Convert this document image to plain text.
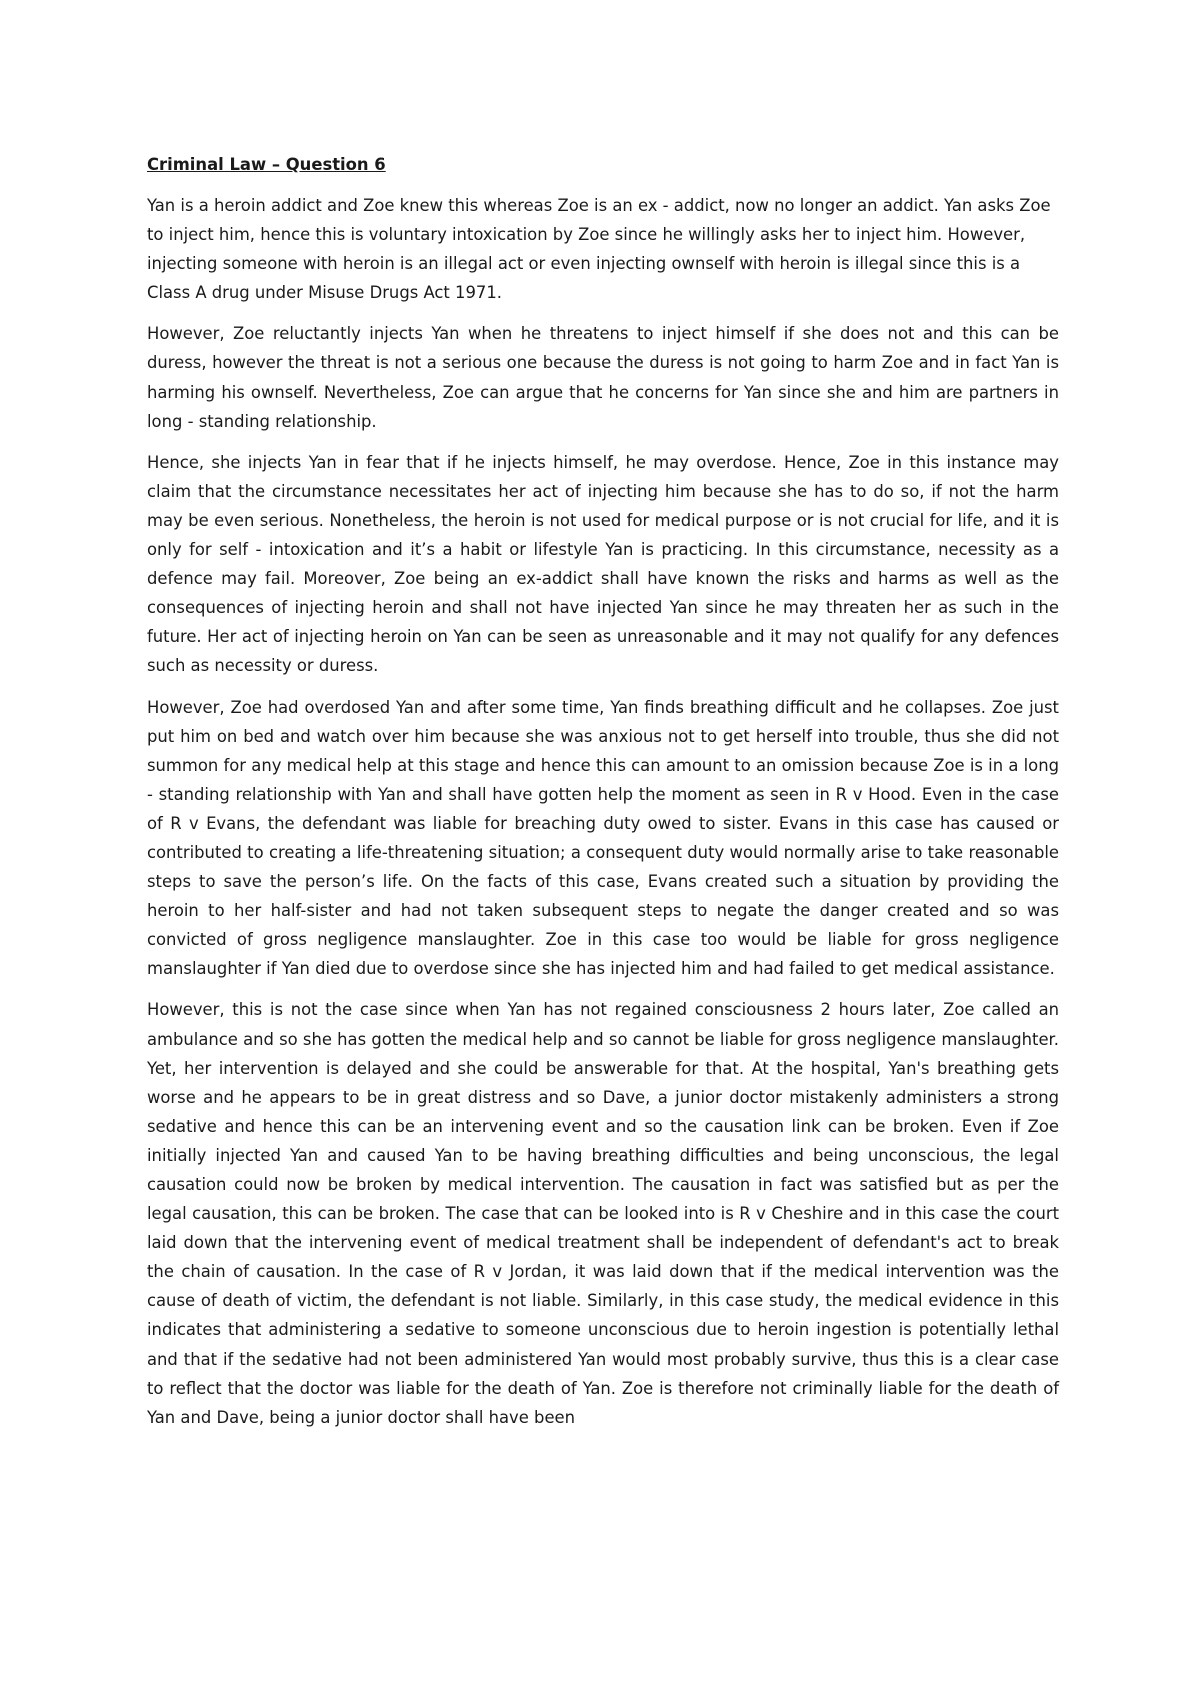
Criminal Law – Question 6

Yan is a heroin addict and Zoe knew this whereas Zoe is an ex - addict, now no longer an addict. Yan asks Zoe to inject him, hence this is voluntary intoxication by Zoe since he willingly asks her to inject him. However, injecting someone with heroin is an illegal act or even injecting ownself with heroin is illegal since this is a Class A drug under Misuse Drugs Act 1971.

However, Zoe reluctantly injects Yan when he threatens to inject himself if she does not and this can be duress, however the threat is not a serious one because the duress is not going to harm Zoe and in fact Yan is harming his ownself. Nevertheless, Zoe can argue that he concerns for Yan since she and him are partners in long - standing relationship.

Hence, she injects Yan in fear that if he injects himself, he may overdose. Hence, Zoe in this instance may claim that the circumstance necessitates her act of injecting him because she has to do so, if not the harm may be even serious. Nonetheless, the heroin is not used for medical purpose or is not crucial for life, and it is only for self - intoxication and it’s a habit or lifestyle Yan is practicing. In this circumstance, necessity as a defence may fail. Moreover, Zoe being an ex-addict shall have known the risks and harms as well as the consequences of injecting heroin and shall not have injected Yan since he may threaten her as such in the future. Her act of injecting heroin on Yan can be seen as unreasonable and it may not qualify for any defences such as necessity or duress.

However, Zoe had overdosed Yan and after some time, Yan finds breathing difficult and he collapses. Zoe just put him on bed and watch over him because she was anxious not to get herself into trouble, thus she did not summon for any medical help at this stage and hence this can amount to an omission because Zoe is in a long - standing relationship with Yan and shall have gotten help the moment as seen in R v Hood. Even in the case of R v Evans, the defendant was liable for breaching duty owed to sister. Evans in this case has caused or contributed to creating a life-threatening situation; a consequent duty would normally arise to take reasonable steps to save the person’s life. On the facts of this case, Evans created such a situation by providing the heroin to her half-sister and had not taken subsequent steps to negate the danger created and so was convicted of gross negligence manslaughter. Zoe in this case too would be liable for gross negligence manslaughter if Yan died due to overdose since she has injected him and had failed to get medical assistance.

However, this is not the case since when Yan has not regained consciousness 2 hours later, Zoe called an ambulance and so she has gotten the medical help and so cannot be liable for gross negligence manslaughter. Yet, her intervention is delayed and she could be answerable for that. At the hospital, Yan's breathing gets worse and he appears to be in great distress and so Dave, a junior doctor mistakenly administers a strong sedative and hence this can be an intervening event and so the causation link can be broken. Even if Zoe initially injected Yan and caused Yan to be having breathing difficulties and being unconscious, the legal causation could now be broken by medical intervention. The causation in fact was satisfied but as per the legal causation, this can be broken. The case that can be looked into is R v Cheshire and in this case the court laid down that the intervening event of medical treatment shall be independent of defendant's act to break the chain of causation. In the case of R v Jordan, it was laid down that if the medical intervention was the cause of death of victim, the defendant is not liable. Similarly, in this case study, the medical evidence in this indicates that administering a sedative to someone unconscious due to heroin ingestion is potentially lethal and that if the sedative had not been administered Yan would most probably survive, thus this is a clear case to reflect that the doctor was liable for the death of Yan. Zoe is therefore not criminally liable for the death of Yan and Dave, being a junior doctor shall have been
